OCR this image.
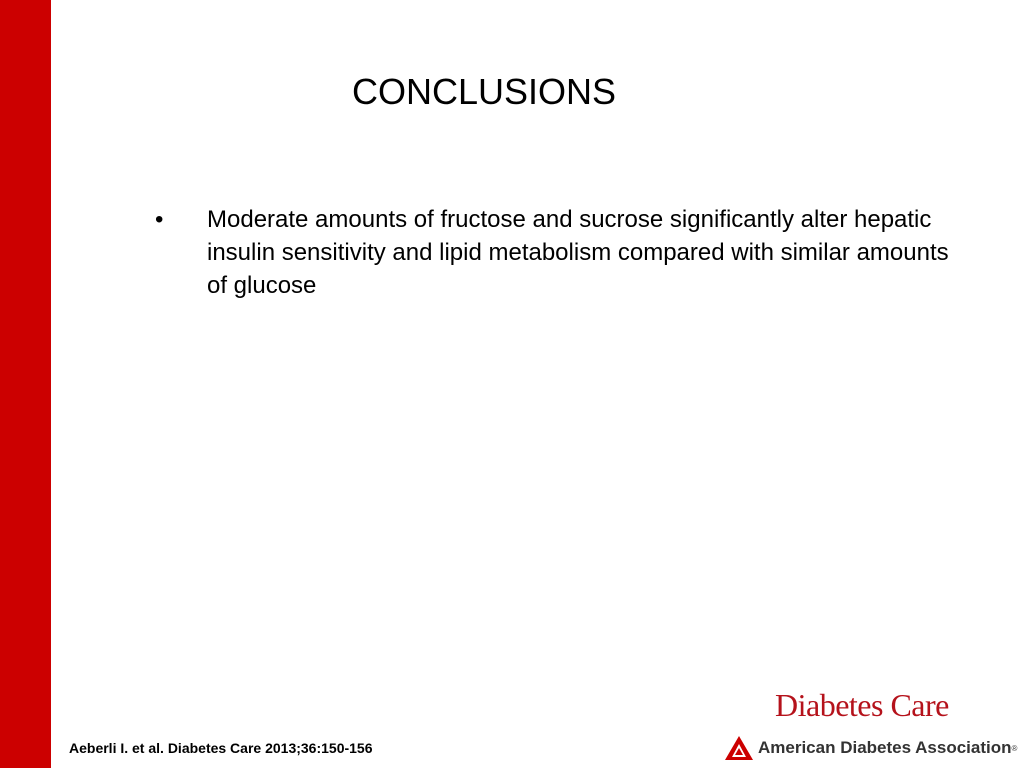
CONCLUSIONS
•	Moderate amounts of fructose and sucrose significantly alter hepatic insulin sensitivity and lipid metabolism compared with similar amounts of glucose
Aeberli I. et al. Diabetes Care 2013;36:150-156
Diabetes Care
American Diabetes Association ®
